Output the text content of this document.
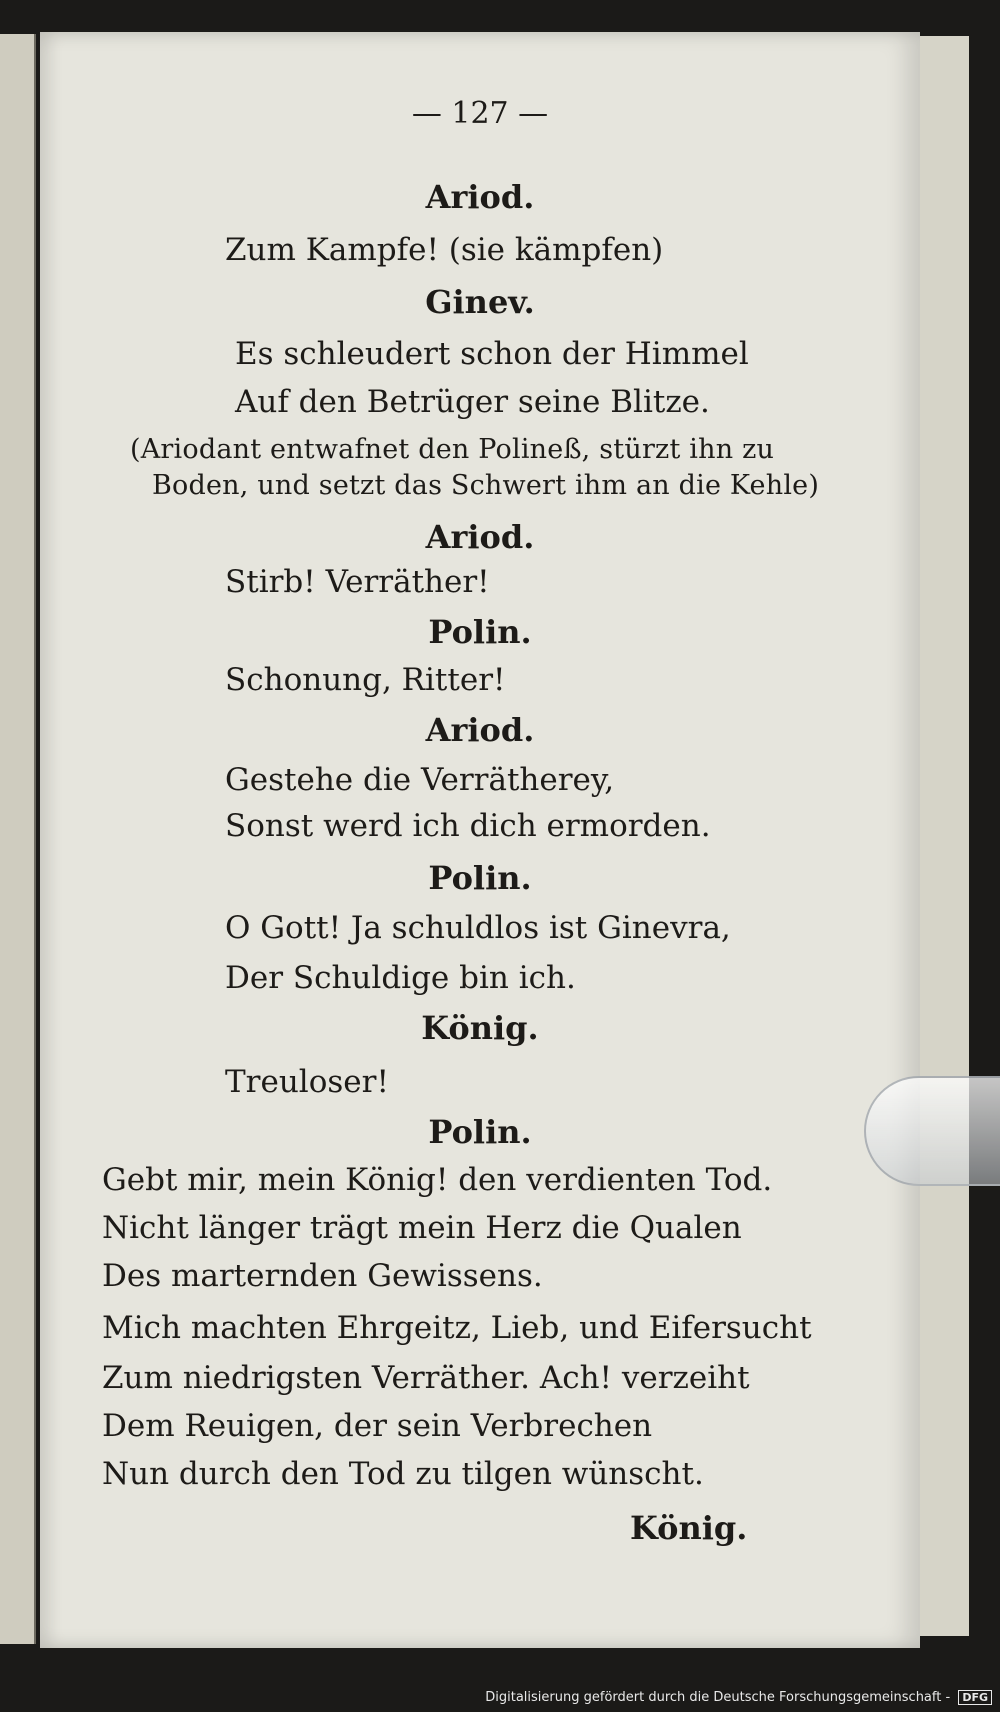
— 127 —
Ariod.
Zum Kampfe! (sie kämpfen)
Ginev.
Es schleudert schon der Himmel
Auf den Betrüger seine Blitze.
(Ariodant entwafnet den Polineß, stürzt ihn zu
Boden, und setzt das Schwert ihm an die Kehle)
Ariod.
Stirb! Verräther!
Polin.
Schonung, Ritter!
Ariod.
Gestehe die Verrätherey,
Sonst werd ich dich ermorden.
Polin.
O Gott! Ja schuldlos ist Ginevra,
Der Schuldige bin ich.
König.
Treuloser!
Polin.
Gebt mir, mein König! den verdienten Tod.
Nicht länger trägt mein Herz die Qualen
Des marternden Gewissens.
Mich machten Ehrgeitz, Lieb, und Eifersucht
Zum niedrigsten Verräther. Ach! verzeiht
Dem Reuigen, der sein Verbrechen
Nun durch den Tod zu tilgen wünscht.
König.
Digitalisierung gefördert durch die Deutsche Forschungsgemeinschaft - DFG
